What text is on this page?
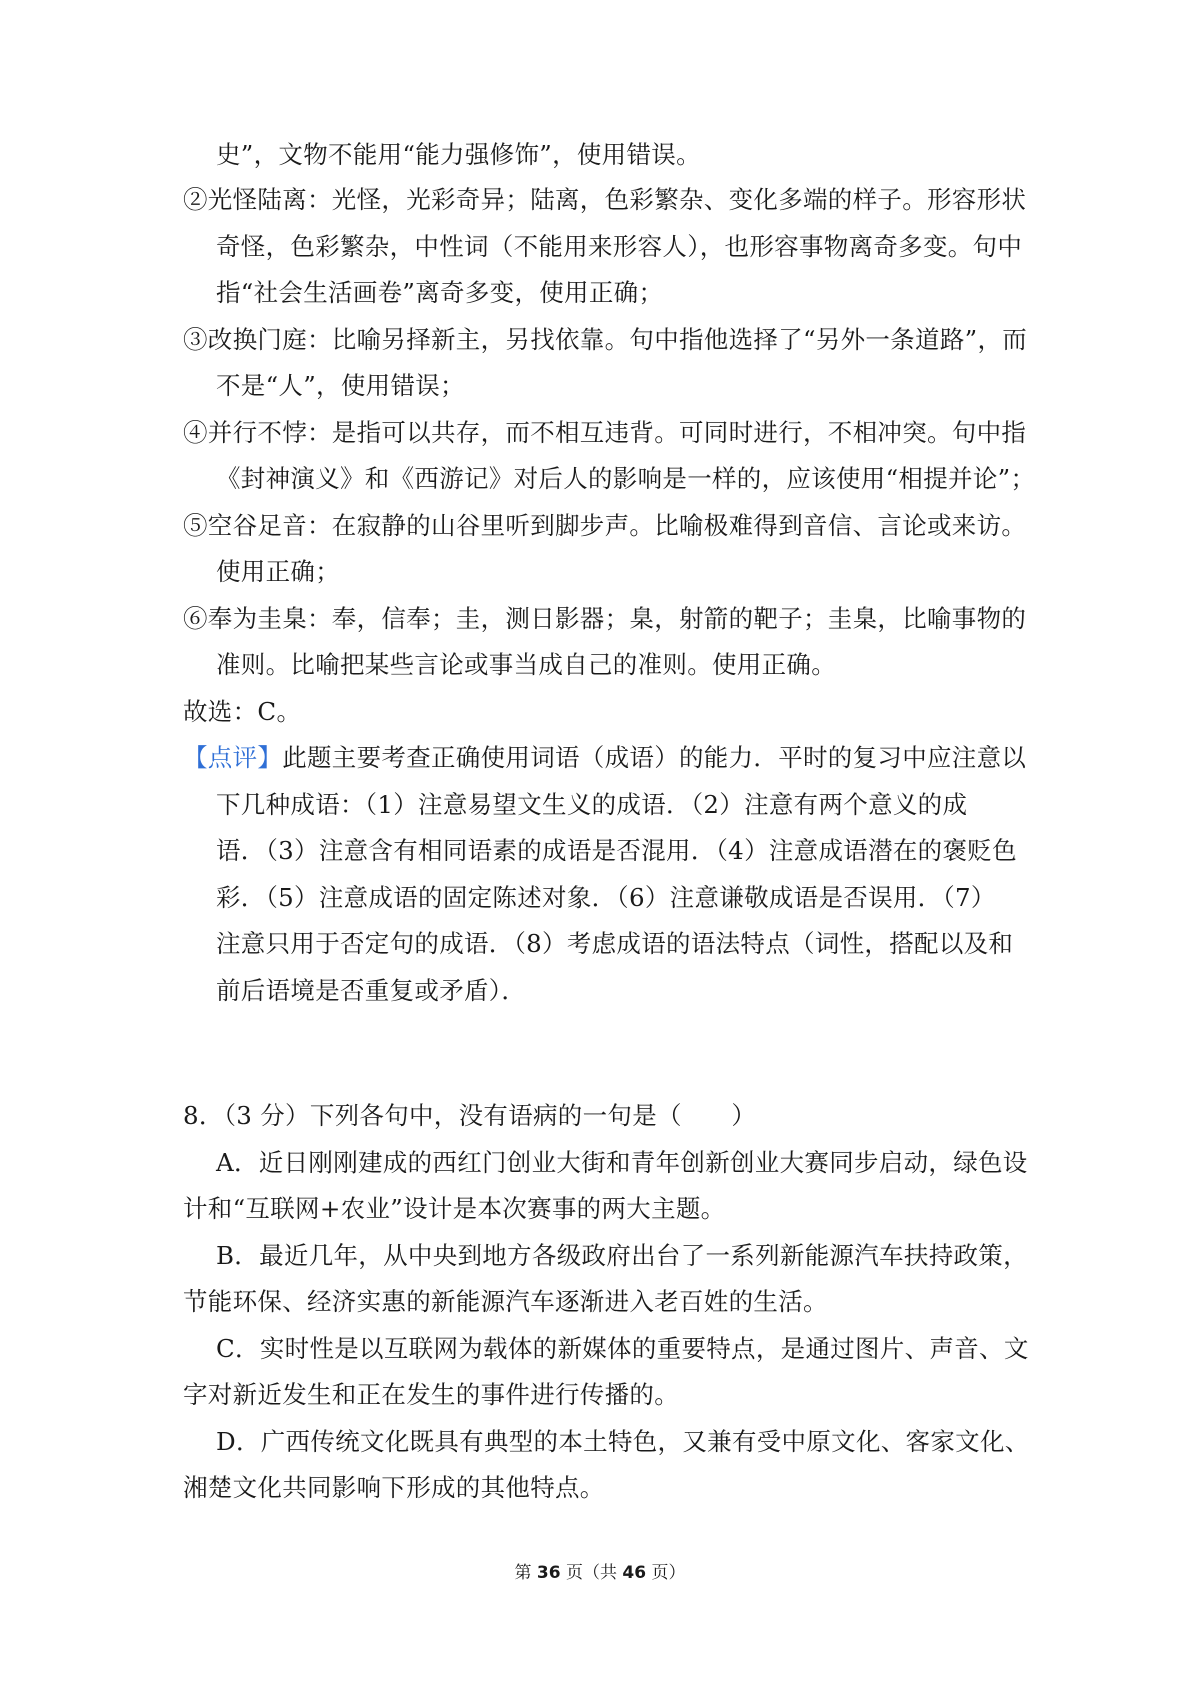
史”，文物不能用“能力强修饰”，使用错误。
②光怪陆离：光怪，光彩奇异；陆离，色彩繁杂、变化多端的样子。形容形状
奇怪，色彩繁杂，中性词（不能用来形容人），也形容事物离奇多变。句中
指“社会生活画卷”离奇多变，使用正确；
③改换门庭：比喻另择新主，另找依靠。句中指他选择了“另外一条道路”，而
不是“人”，使用错误；
④并行不悖：是指可以共存，而不相互违背。可同时进行，不相冲突。句中指
《封神演义》和《西游记》对后人的影响是一样的，应该使用“相提并论”；
⑤空谷足音：在寂静的山谷里听到脚步声。比喻极难得到音信、言论或来访。
使用正确；
⑥奉为圭臬：奉，信奉；圭，测日影器；臬，射箭的靶子；圭臬，比喻事物的
准则。比喻把某些言论或事当成自己的准则。使用正确。
故选：C。
【点评】此题主要考查正确使用词语（成语）的能力．平时的复习中应注意以
下几种成语：（1）注意易望文生义的成语．（2）注意有两个意义的成
语．（3）注意含有相同语素的成语是否混用．（4）注意成语潜在的褒贬色
彩．（5）注意成语的固定陈述对象．（6）注意谦敬成语是否误用．（7）
注意只用于否定句的成语．（8）考虑成语的语法特点（词性，搭配以及和
前后语境是否重复或矛盾）．
8．（3 分）下列各句中，没有语病的一句是（　　）
A．近日刚刚建成的西红门创业大街和青年创新创业大赛同步启动，绿色设
计和“互联网+农业”设计是本次赛事的两大主题。
B．最近几年，从中央到地方各级政府出台了一系列新能源汽车扶持政策，
节能环保、经济实惠的新能源汽车逐渐进入老百姓的生活。
C．实时性是以互联网为载体的新媒体的重要特点，是通过图片、声音、文
字对新近发生和正在发生的事件进行传播的。
D．广西传统文化既具有典型的本土特色，又兼有受中原文化、客家文化、
湘楚文化共同影响下形成的其他特点。
第 36 页（共 46 页）
